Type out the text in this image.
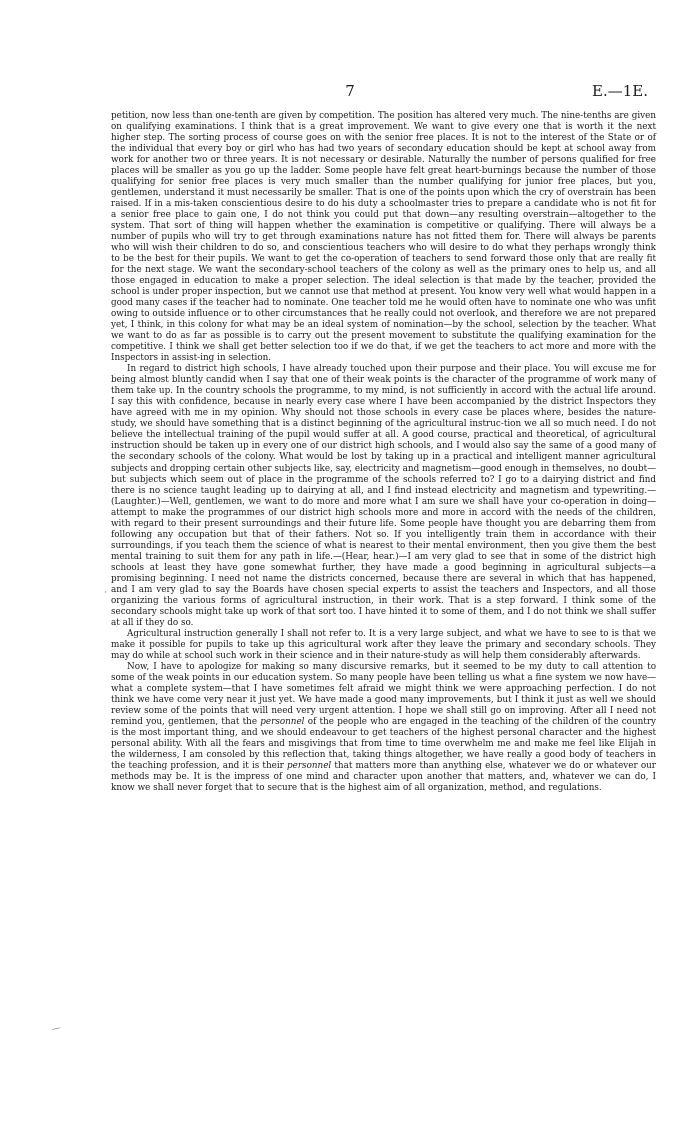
7	E.—1E.

petition, now less than one-tenth are given by competition. The position has altered very much. The nine-tenths are given on qualifying examinations. I think that is a great improvement. We want to give every one that is worth it the next higher step. The sorting process of course goes on with the senior free places. It is not to the interest of the State or of the individual that every boy or girl who has had two years of secondary education should be kept at school away from work for another two or three years. It is not necessary or desirable. Naturally the number of persons qualified for free places will be smaller as you go up the ladder. Some people have felt great heart-burnings because the number of those qualifying for senior free places is very much smaller than the number qualifying for junior free places, but you, gentlemen, understand it must necessarily be smaller. That is one of the points upon which the cry of overstrain has been raised. If in a mis-taken conscientious desire to do his duty a schoolmaster tries to prepare a candidate who is not fit for a senior free place to gain one, I do not think you could put that down—any resulting overstrain—altogether to the system. That sort of thing will happen whether the examination is competitive or qualifying. There will always be a number of pupils who will try to get through examinations nature has not fitted them for. There will always be parents who will wish their children to do so, and conscientious teachers who will desire to do what they perhaps wrongly think to be the best for their pupils. We want to get the co-operation of teachers to send forward those only that are really fit for the next stage. We want the secondary-school teachers of the colony as well as the primary ones to help us, and all those engaged in education to make a proper selection. The ideal selection is that made by the teacher, provided the school is under proper inspection, but we cannot use that method at present. You know very well what would happen in a good many cases if the teacher had to nominate. One teacher told me he would often have to nominate one who was unfit owing to outside influence or to other circumstances that he really could not overlook, and therefore we are not prepared yet, I think, in this colony for what may be an ideal system of nomination—by the school, selection by the teacher. What we want to do as far as possible is to carry out the present movement to substitute the qualifying examination for the competitive. I think we shall get better selection too if we do that, if we get the teachers to act more and more with the Inspectors in assist-ing in selection.

In regard to district high schools, I have already touched upon their purpose and their place. You will excuse me for being almost bluntly candid when I say that one of their weak points is the character of the programme of work many of them take up. In the country schools the programme, to my mind, is not sufficiently in accord with the actual life around. I say this with confidence, because in nearly every case where I have been accompanied by the district Inspectors they have agreed with me in my opinion. Why should not those schools in every case be places where, besides the nature-study, we should have something that is a distinct beginning of the agricultural instruc-tion we all so much need. I do not believe the intellectual training of the pupil would suffer at all. A good course, practical and theoretical, of agricultural instruction should be taken up in every one of our district high schools, and I would also say the same of a good many of the secondary schools of the colony. What would be lost by taking up in a practical and intelligent manner agricultural subjects and dropping certain other subjects like, say, electricity and magnetism—good enough in themselves, no doubt—but subjects which seem out of place in the programme of the schools referred to? I go to a dairying district and find there is no science taught leading up to dairying at all, and I find instead electricity and magnetism and typewriting.—(Laughter.)—Well, gentlemen, we want to do more and more what I am sure we shall have your co-operation in doing—attempt to make the programmes of our district high schools more and more in accord with the needs of the children, with regard to their present surroundings and their future life. Some people have thought you are debarring them from following any occupation but that of their fathers. Not so. If you intelligently train them in accordance with their surroundings, if you teach them the science of what is nearest to their mental environment, then you give them the best mental training to suit them for any path in life.—(Hear, hear.)—I am very glad to see that in some of the district high schools at least they have gone somewhat further, they have made a good beginning in agricultural subjects—a promising beginning. I need not name the districts concerned, because there are several in which that has happened, and I am very glad to say the Boards have chosen special experts to assist the teachers and Inspectors, and all those organizing the various forms of agricultural instruction, in their work. That is a step forward. I think some of the secondary schools might take up work of that sort too. I have hinted it to some of them, and I do not think we shall suffer at all if they do so.

Agricultural instruction generally I shall not refer to. It is a very large subject, and what we have to see to is that we make it possible for pupils to take up this agricultural work after they leave the primary and secondary schools. They may do while at school such work in their science and in their nature-study as will help them considerably afterwards.

Now, I have to apologize for making so many discursive remarks, but it seemed to be my duty to call attention to some of the weak points in our education system. So many people have been telling us what a fine system we now have—what a complete system—that I have sometimes felt afraid we might think we were approaching perfection. I do not think we have come very near it just yet. We have made a good many improvements, but I think it just as well we should review some of the points that will need very urgent attention. I hope we shall still go on improving. After all I need not remind you, gentlemen, that the personnel of the people who are engaged in the teaching of the children of the country is the most important thing, and we should endeavour to get teachers of the highest personal character and the highest personal ability. With all the fears and misgivings that from time to time overwhelm me and make me feel like Elijah in the wilderness, I am consoled by this reflection that, taking things altogether, we have really a good body of teachers in the teaching profession, and it is their personnel that matters more than anything else, whatever we do or whatever our methods may be. It is the impress of one mind and character upon another that matters, and, whatever we can do, I know we shall never forget that to secure that is the highest aim of all organization, method, and regulations.

·
—
